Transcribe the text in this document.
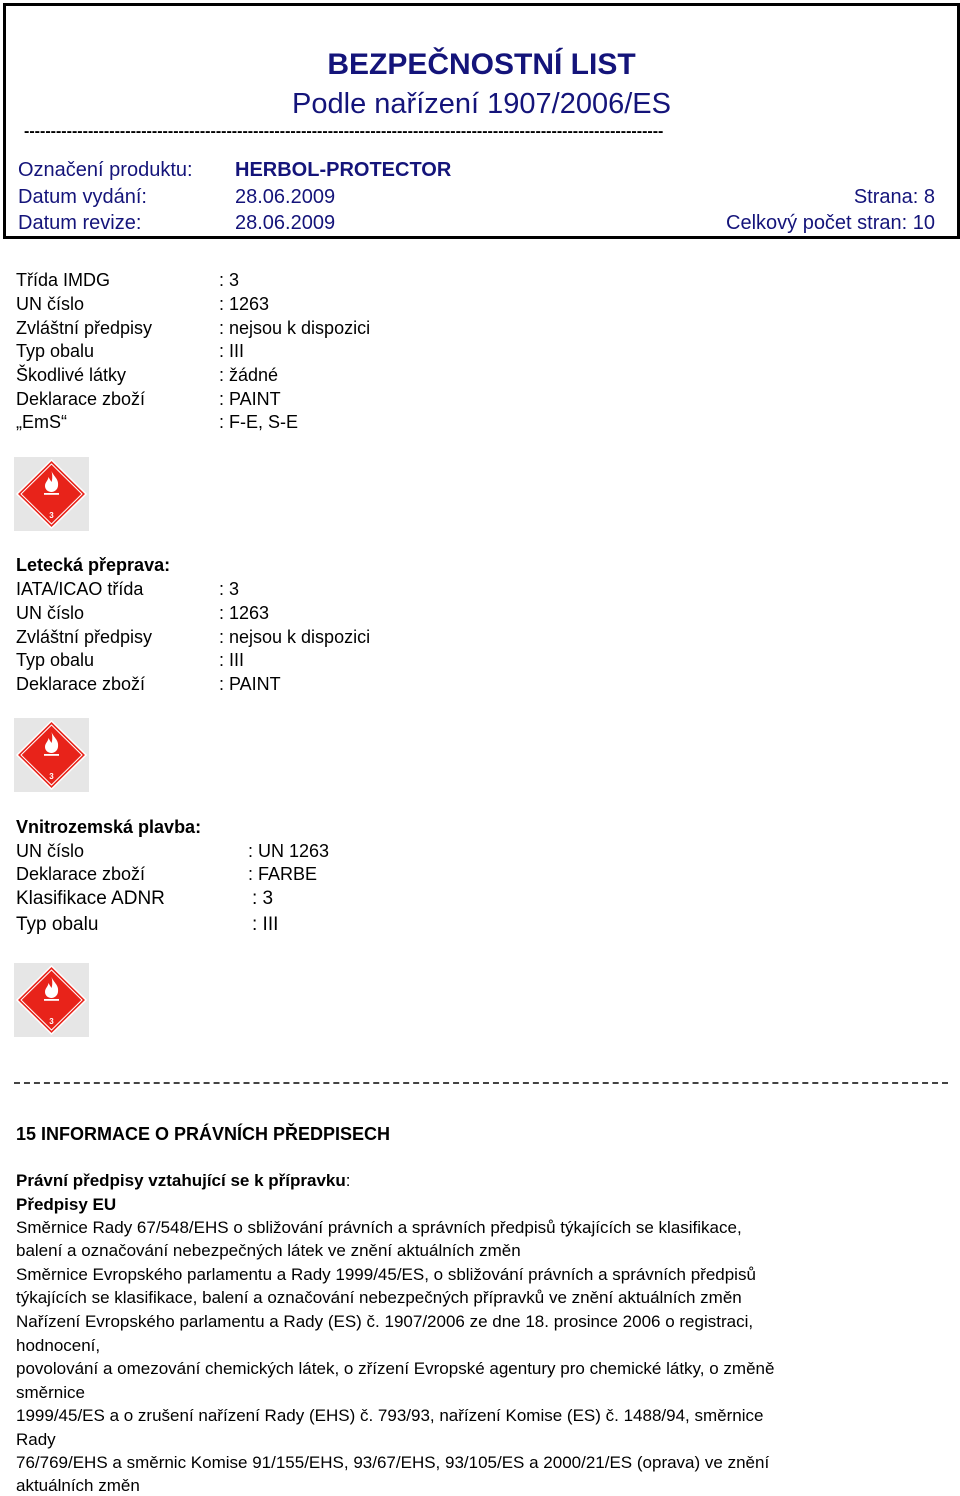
BEZPEČNOSTNÍ LIST
Podle nařízení 1907/2006/ES
------------------------------------------------------------------------------------------------------------------------
Označení produktu: HERBOL-PROTECTOR
Datum vydání:	28.06.2009	Strana: 8
Datum revize:	28.06.2009	Celkový počet stran: 10
Třída IMDG	: 3
UN číslo	: 1263
Zvláštní předpisy	: nejsou k dispozici
Typ obalu	: III
Škodlivé látky	: žádné
Deklarace zboží	: PAINT
„EmS“	: F-E, S-E
3
Letecká přeprava:
IATA/ICAO třída	: 3
UN číslo	: 1263
Zvláštní předpisy	: nejsou k dispozici
Typ obalu	: III
Deklarace zboží	: PAINT
3
Vnitrozemská plavba:
UN číslo	: UN 1263
Deklarace zboží	: FARBE
Klasifikace ADNR	: 3
Typ obalu	: III
3
15 INFORMACE O PRÁVNÍCH PŘEDPISECH
Právní předpisy vztahující se k přípravku:
Předpisy EU
Směrnice Rady 67/548/EHS o sbližování právních a správních předpisů týkajících se klasifikace,
balení a označování nebezpečných látek ve znění aktuálních změn
Směrnice Evropského parlamentu a Rady 1999/45/ES, o sbližování právních a správních předpisů
týkajících se klasifikace, balení a označování nebezpečných přípravků ve znění aktuálních změn
Nařízení Evropského parlamentu a Rady (ES) č. 1907/2006 ze dne 18. prosince 2006 o registraci,
hodnocení,
povolování a omezování chemických látek, o zřízení Evropské agentury pro chemické látky, o změně
směrnice
1999/45/ES a o zrušení nařízení Rady (EHS) č. 793/93, nařízení Komise (ES) č. 1488/94, směrnice
Rady
76/769/EHS a směrnic Komise 91/155/EHS, 93/67/EHS, 93/105/ES a 2000/21/ES (oprava) ve znění
aktuálních změn
